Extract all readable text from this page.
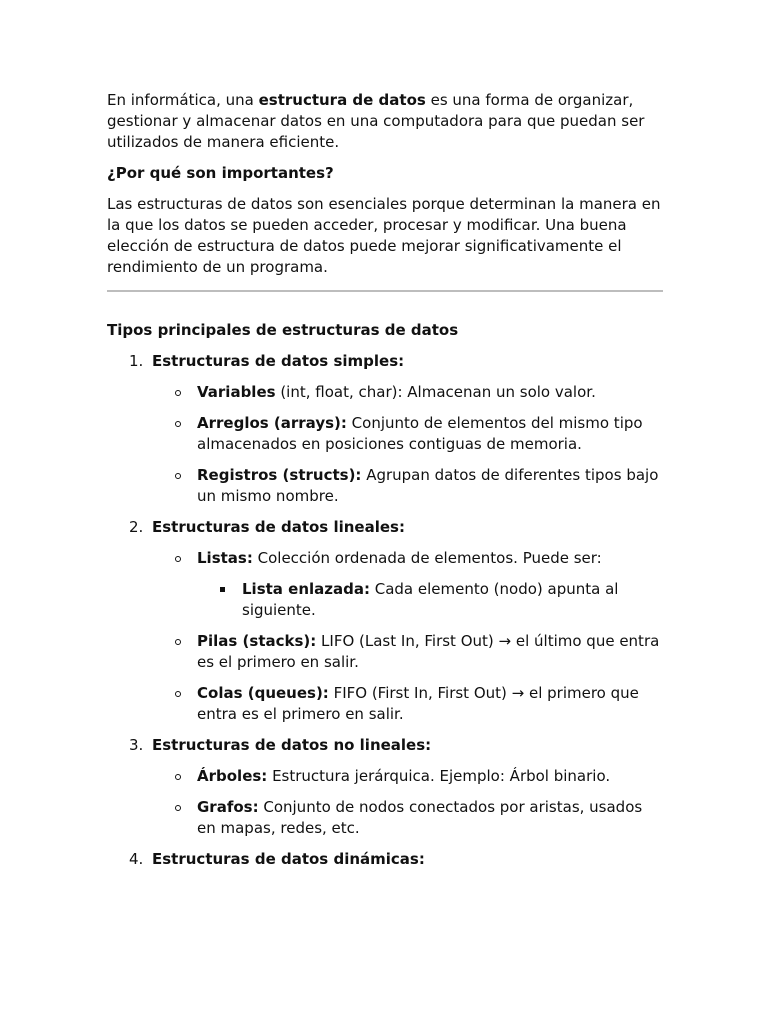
En informática, una estructura de datos es una forma de organizar, gestionar y almacenar datos en una computadora para que puedan ser utilizados de manera eficiente.

¿Por qué son importantes?

Las estructuras de datos son esenciales porque determinan la manera en la que los datos se pueden acceder, procesar y modificar. Una buena elección de estructura de datos puede mejorar significativamente el rendimiento de un programa.

Tipos principales de estructuras de datos

1. Estructuras de datos simples:
Variables (int, float, char): Almacenan un solo valor.
Arreglos (arrays): Conjunto de elementos del mismo tipo almacenados en posiciones contiguas de memoria.
Registros (structs): Agrupan datos de diferentes tipos bajo un mismo nombre.
2. Estructuras de datos lineales:
Listas: Colección ordenada de elementos. Puede ser:
Lista enlazada: Cada elemento (nodo) apunta al siguiente.
Pilas (stacks): LIFO (Last In, First Out) → el último que entra es el primero en salir.
Colas (queues): FIFO (First In, First Out) → el primero que entra es el primero en salir.
3. Estructuras de datos no lineales:
Árboles: Estructura jerárquica. Ejemplo: Árbol binario.
Grafos: Conjunto de nodos conectados por aristas, usados en mapas, redes, etc.
4. Estructuras de datos dinámicas:
